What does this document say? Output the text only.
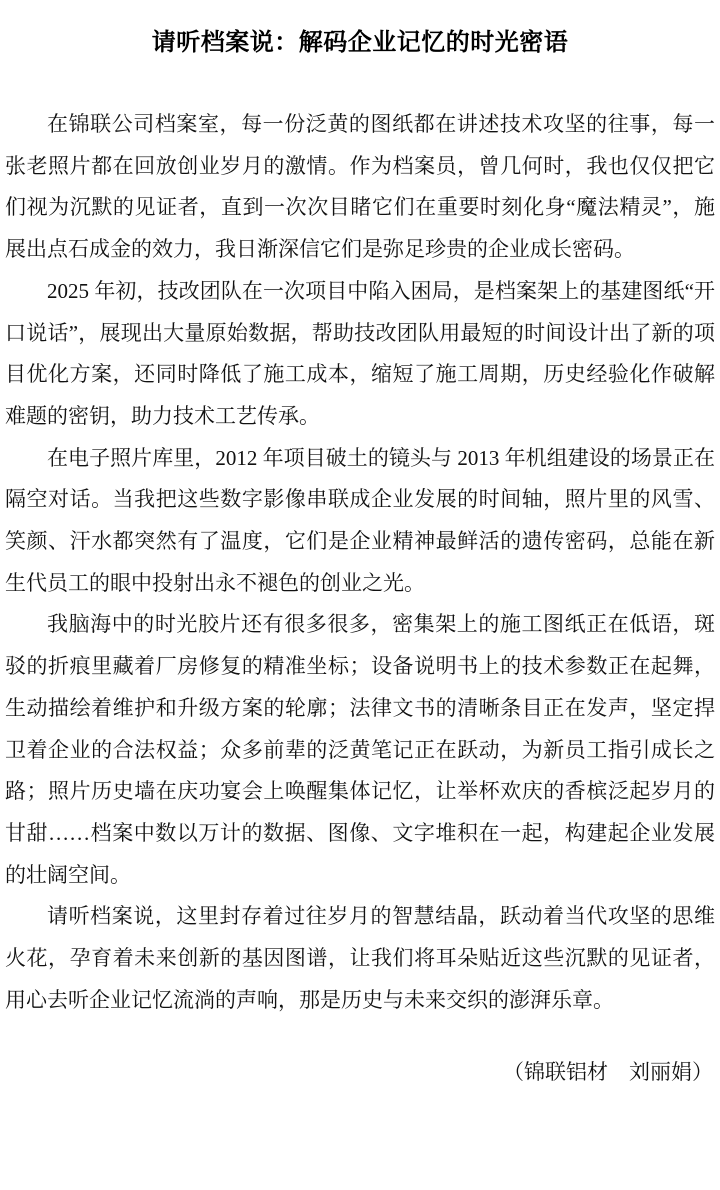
请听档案说：解码企业记忆的时光密语

在锦联公司档案室，每一份泛黄的图纸都在讲述技术攻坚的往事，每一张老照片都在回放创业岁月的激情。作为档案员，曾几何时，我也仅仅把它们视为沉默的见证者，直到一次次目睹它们在重要时刻化身“魔法精灵”，施展出点石成金的效力，我日渐深信它们是弥足珍贵的企业成长密码。

2025 年初，技改团队在一次项目中陷入困局，是档案架上的基建图纸“开口说话”，展现出大量原始数据，帮助技改团队用最短的时间设计出了新的项目优化方案，还同时降低了施工成本，缩短了施工周期，历史经验化作破解难题的密钥，助力技术工艺传承。

在电子照片库里，2012 年项目破土的镜头与 2013 年机组建设的场景正在隔空对话。当我把这些数字影像串联成企业发展的时间轴，照片里的风雪、笑颜、汗水都突然有了温度，它们是企业精神最鲜活的遗传密码，总能在新生代员工的眼中投射出永不褪色的创业之光。

我脑海中的时光胶片还有很多很多，密集架上的施工图纸正在低语，斑驳的折痕里藏着厂房修复的精准坐标；设备说明书上的技术参数正在起舞，生动描绘着维护和升级方案的轮廓；法律文书的清晰条目正在发声，坚定捍卫着企业的合法权益；众多前辈的泛黄笔记正在跃动，为新员工指引成长之路；照片历史墙在庆功宴会上唤醒集体记忆，让举杯欢庆的香槟泛起岁月的甘甜……档案中数以万计的数据、图像、文字堆积在一起，构建起企业发展的壮阔空间。

请听档案说，这里封存着过往岁月的智慧结晶，跃动着当代攻坚的思维火花，孕育着未来创新的基因图谱，让我们将耳朵贴近这些沉默的见证者，用心去听企业记忆流淌的声响，那是历史与未来交织的澎湃乐章。

（锦联铝材　刘丽娟）
